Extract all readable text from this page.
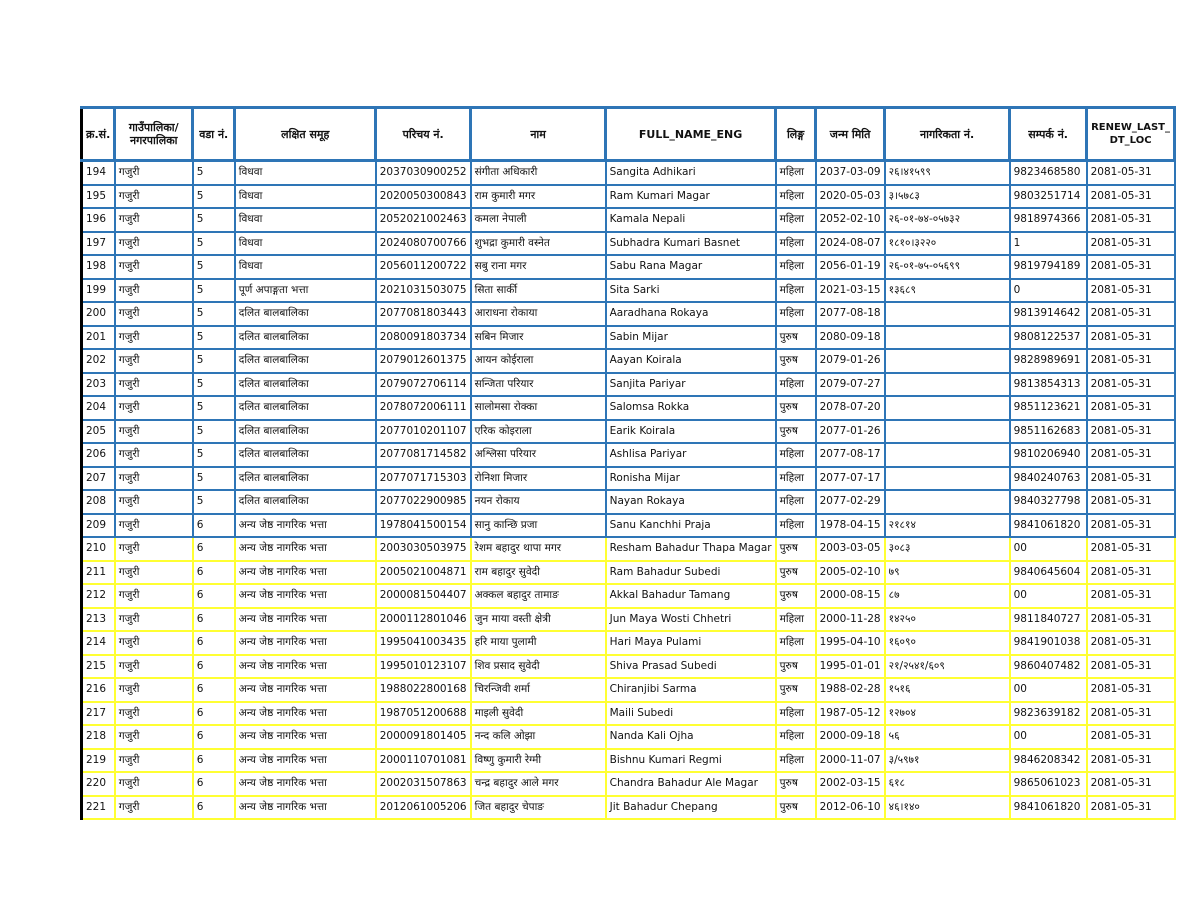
क्र.सं.	गाउँपालिका/ नगरपालिका	वडा नं.	लक्षित समूह	परिचय नं.	नाम	FULL_NAME_ENG	लिङ्ग	जन्म मिति	नागरिकता नं.	सम्पर्क नं.	RENEW_LAST_ DT_LOC
194	गजुरी	5	विधवा	2037030900252	संगीता अधिकारी	Sangita Adhikari	महिला	2037-03-09	२६।४१५९९	9823468580	2081-05-31
195	गजुरी	5	विधवा	2020050300843	राम कुमारी मगर	Ram Kumari Magar	महिला	2020-05-03	३।५७८३	9803251714	2081-05-31
196	गजुरी	5	विधवा	2052021002463	कमला नेपाली	Kamala Nepali	महिला	2052-02-10	२६-०१-७४-०५७३२	9818974366	2081-05-31
197	गजुरी	5	विधवा	2024080700766	शुभद्रा कुमारी वस्नेत	Subhadra Kumari Basnet	महिला	2024-08-07	१८१०।३२२०	1	2081-05-31
198	गजुरी	5	विधवा	2056011200722	सबु राना मगर	Sabu Rana Magar	महिला	2056-01-19	२६-०१-७५-०५६९९	9819794189	2081-05-31
199	गजुरी	5	पूर्ण अपाङ्गता भत्ता	2021031503075	सिता सार्की	Sita Sarki	महिला	2021-03-15	१३६८९	0	2081-05-31
200	गजुरी	5	दलित बालबालिका	2077081803443	आराधना रोकाया	Aaradhana Rokaya	महिला	2077-08-18		9813914642	2081-05-31
201	गजुरी	5	दलित बालबालिका	2080091803734	सबिन मिजार	Sabin Mijar	पुरुष	2080-09-18		9808122537	2081-05-31
202	गजुरी	5	दलित बालबालिका	2079012601375	आयन कोईराला	Aayan Koirala	पुरुष	2079-01-26		9828989691	2081-05-31
203	गजुरी	5	दलित बालबालिका	2079072706114	सन्जिता परियार	Sanjita Pariyar	महिला	2079-07-27		9813854313	2081-05-31
204	गजुरी	5	दलित बालबालिका	2078072006111	सालोमसा रोक्का	Salomsa Rokka	पुरुष	2078-07-20		9851123621	2081-05-31
205	गजुरी	5	दलित बालबालिका	2077010201107	एरिक कोइराला	Earik Koirala	पुरुष	2077-01-26		9851162683	2081-05-31
206	गजुरी	5	दलित बालबालिका	2077081714582	अश्लिसा परियार	Ashlisa Pariyar	महिला	2077-08-17		9810206940	2081-05-31
207	गजुरी	5	दलित बालबालिका	2077071715303	रोनिशा मिजार	Ronisha Mijar	महिला	2077-07-17		9840240763	2081-05-31
208	गजुरी	5	दलित बालबालिका	2077022900985	नयन रोकाय	Nayan Rokaya	महिला	2077-02-29		9840327798	2081-05-31
209	गजुरी	6	अन्य जेष्ठ नागरिक भत्ता	1978041500154	सानु कान्छि प्रजा	Sanu Kanchhi Praja	महिला	1978-04-15	२१८१४	9841061820	2081-05-31
210	गजुरी	6	अन्य जेष्ठ नागरिक भत्ता	2003030503975	रेशम बहादुर थापा मगर	Resham Bahadur Thapa Magar	पुरुष	2003-03-05	३०८३	00	2081-05-31
211	गजुरी	6	अन्य जेष्ठ नागरिक भत्ता	2005021004871	राम बहादुर सुवेदी	Ram Bahadur Subedi	पुरुष	2005-02-10	७९	9840645604	2081-05-31
212	गजुरी	6	अन्य जेष्ठ नागरिक भत्ता	2000081504407	अक्कल बहादुर तामाङ	Akkal Bahadur Tamang	पुरुष	2000-08-15	८७	00	2081-05-31
213	गजुरी	6	अन्य जेष्ठ नागरिक भत्ता	2000112801046	जुन माया वस्ती क्षेत्री	Jun Maya Wosti Chhetri	महिला	2000-11-28	१४२५०	9811840727	2081-05-31
214	गजुरी	6	अन्य जेष्ठ नागरिक भत्ता	1995041003435	हरि माया पुलामी	Hari Maya Pulami	महिला	1995-04-10	१६०९०	9841901038	2081-05-31
215	गजुरी	6	अन्य जेष्ठ नागरिक भत्ता	1995010123107	शिव प्रसाद सुवेदी	Shiva Prasad Subedi	पुरुष	1995-01-01	२१/२५४१/६०९	9860407482	2081-05-31
216	गजुरी	6	अन्य जेष्ठ नागरिक भत्ता	1988022800168	चिरन्जिवी शर्मा	Chiranjibi Sarma	पुरुष	1988-02-28	१५१६	00	2081-05-31
217	गजुरी	6	अन्य जेष्ठ नागरिक भत्ता	1987051200688	माइली सुवेदी	Maili Subedi	महिला	1987-05-12	१२७०४	9823639182	2081-05-31
218	गजुरी	6	अन्य जेष्ठ नागरिक भत्ता	2000091801405	नन्द कलि ओझा	Nanda Kali Ojha	महिला	2000-09-18	५६	00	2081-05-31
219	गजुरी	6	अन्य जेष्ठ नागरिक भत्ता	2000110701081	विष्णु कुमारी रेग्मी	Bishnu Kumari Regmi	महिला	2000-11-07	३/५९७१	9846208342	2081-05-31
220	गजुरी	6	अन्य जेष्ठ नागरिक भत्ता	2002031507863	चन्द्र बहादुर आले मगर	Chandra Bahadur Ale Magar	पुरुष	2002-03-15	६१८	9865061023	2081-05-31
221	गजुरी	6	अन्य जेष्ठ नागरिक भत्ता	2012061005206	जित बहादुर चेपाङ	Jit Bahadur Chepang	पुरुष	2012-06-10	४६।१४०	9841061820	2081-05-31
